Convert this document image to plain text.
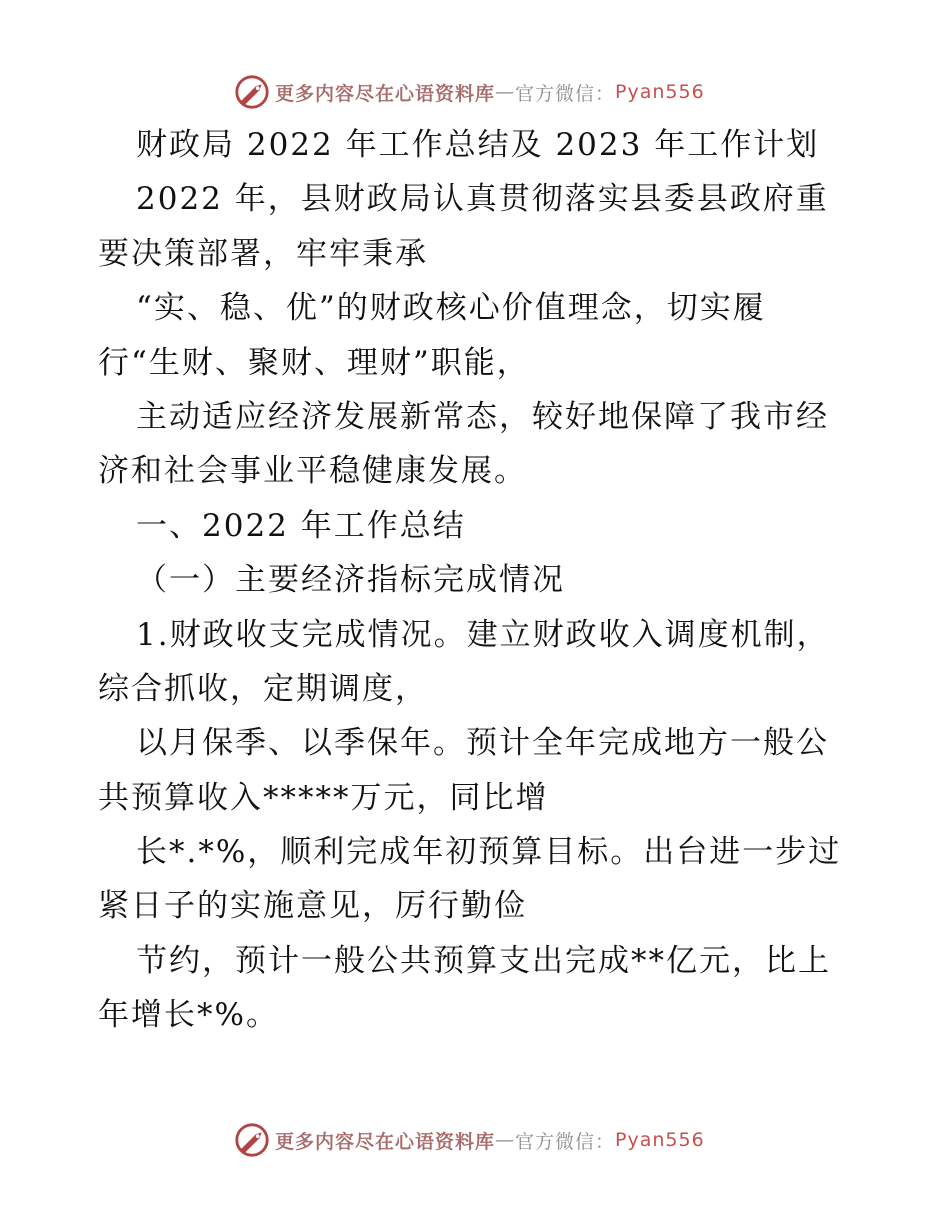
更多内容尽在心语资料库 — 官方微信： Pyan556
财政局 2022 年工作总结及 2023 年工作计划
2022 年，县财政局认真贯彻落实县委县政府重
要决策部署，牢牢秉承
“实、稳、优”的财政核心价值理念，切实履
行“生财、聚财、理财”职能，
主动适应经济发展新常态，较好地保障了我市经
济和社会事业平稳健康发展。
一、2022 年工作总结
（一）主要经济指标完成情况
1.财政收支完成情况。建立财政收入调度机制，
综合抓收，定期调度，
以月保季、以季保年。预计全年完成地方一般公
共预算收入*****万元，同比增
长*.*%，顺利完成年初预算目标。出台进一步过
紧日子的实施意见，厉行勤俭
节约，预计一般公共预算支出完成**亿元，比上
年增长*%。
更多内容尽在心语资料库 — 官方微信： Pyan556
